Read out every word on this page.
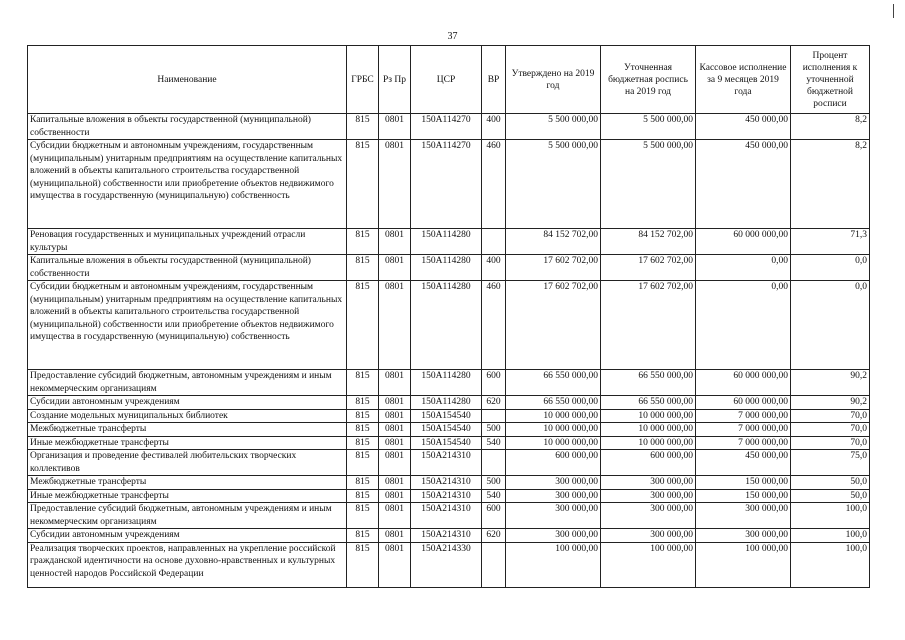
37
Наименование	ГРБС	Рз Пр	ЦСР	ВР	Утверждено на 2019 год	Уточненная бюджетная роспись на 2019 год	Кассовое исполнение за 9 месяцев 2019 года	Процент исполнения к уточненной бюджетной росписи
Капитальные вложения в объекты государственной (муниципальной) собственности	815	0801	150А114270	400	5 500 000,00	5 500 000,00	450 000,00	8,2
Субсидии бюджетным и автономным учреждениям, государственным (муниципальным) унитарным предприятиям на осуществление капитальных вложений в объекты капитального строительства государственной (муниципальной) собственности или приобретение объектов недвижимого имущества в государственную (муниципальную) собственность	815	0801	150А114270	460	5 500 000,00	5 500 000,00	450 000,00	8,2
Реновация государственных и муниципальных учреждений отрасли культуры	815	0801	150А114280		84 152 702,00	84 152 702,00	60 000 000,00	71,3
Капитальные вложения в объекты государственной (муниципальной) собственности	815	0801	150А114280	400	17 602 702,00	17 602 702,00	0,00	0,0
Субсидии бюджетным и автономным учреждениям, государственным (муниципальным) унитарным предприятиям на осуществление капитальных вложений в объекты капитального строительства государственной (муниципальной) собственности или приобретение объектов недвижимого имущества в государственную (муниципальную) собственность	815	0801	150А114280	460	17 602 702,00	17 602 702,00	0,00	0,0
Предоставление субсидий бюджетным, автономным учреждениям и иным некоммерческим организациям	815	0801	150А114280	600	66 550 000,00	66 550 000,00	60 000 000,00	90,2
Субсидии автономным учреждениям	815	0801	150А114280	620	66 550 000,00	66 550 000,00	60 000 000,00	90,2
Создание модельных муниципальных библиотек	815	0801	150А154540		10 000 000,00	10 000 000,00	7 000 000,00	70,0
Межбюджетные трансферты	815	0801	150А154540	500	10 000 000,00	10 000 000,00	7 000 000,00	70,0
Иные межбюджетные трансферты	815	0801	150А154540	540	10 000 000,00	10 000 000,00	7 000 000,00	70,0
Организация и проведение фестивалей любительских творческих коллективов	815	0801	150А214310		600 000,00	600 000,00	450 000,00	75,0
Межбюджетные трансферты	815	0801	150А214310	500	300 000,00	300 000,00	150 000,00	50,0
Иные межбюджетные трансферты	815	0801	150А214310	540	300 000,00	300 000,00	150 000,00	50,0
Предоставление субсидий бюджетным, автономным учреждениям и иным некоммерческим организациям	815	0801	150А214310	600	300 000,00	300 000,00	300 000,00	100,0
Субсидии автономным учреждениям	815	0801	150А214310	620	300 000,00	300 000,00	300 000,00	100,0
Реализация творческих проектов, направленных на укрепление российской гражданской идентичности на основе духовно-нравственных и культурных ценностей народов Российской Федерации	815	0801	150А214330		100 000,00	100 000,00	100 000,00	100,0
